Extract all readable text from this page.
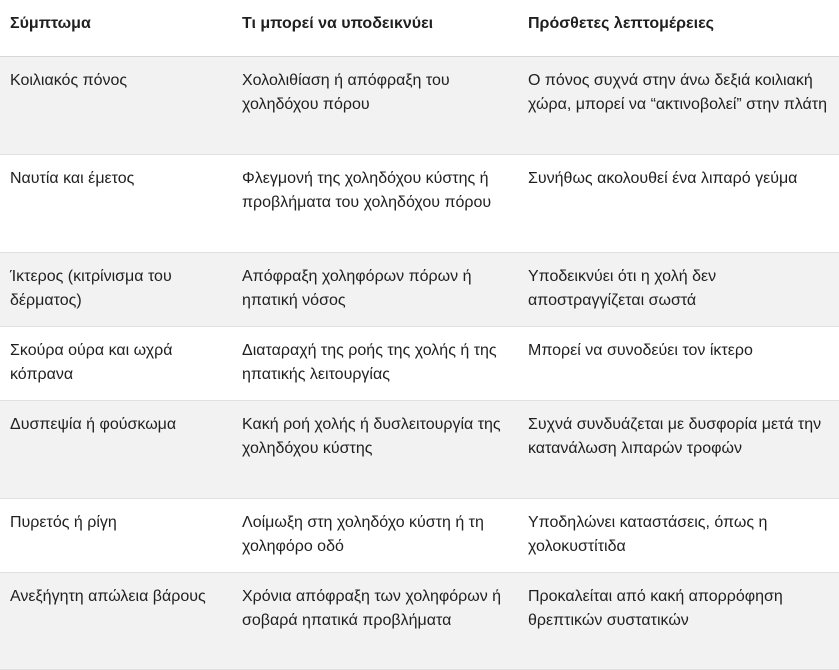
Σύμπτωμα	Τι μπορεί να υποδεικνύει	Πρόσθετες λεπτομέρειες
Κοιλιακός πόνος	Χολολιθίαση ή απόφραξη του χοληδόχου πόρου	Ο πόνος συχνά στην άνω δεξιά κοιλιακή χώρα, μπορεί να “ακτινοβολεί” στην πλάτη
Ναυτία και έμετος	Φλεγμονή της χοληδόχου κύστης ή προβλήματα του χοληδόχου πόρου	Συνήθως ακολουθεί ένα λιπαρό γεύμα
Ίκτερος (κιτρίνισμα του δέρματος)	Απόφραξη χοληφόρων πόρων ή ηπατική νόσος	Υποδεικνύει ότι η χολή δεν αποστραγγίζεται σωστά
Σκούρα ούρα και ωχρά κόπρανα	Διαταραχή της ροής της χολής ή της ηπατικής λειτουργίας	Μπορεί να συνοδεύει τον ίκτερο
Δυσπεψία ή φούσκωμα	Κακή ροή χολής ή δυσλειτουργία της χοληδόχου κύστης	Συχνά συνδυάζεται με δυσφορία μετά την κατανάλωση λιπαρών τροφών
Πυρετός ή ρίγη	Λοίμωξη στη χοληδόχο κύστη ή τη χοληφόρο οδό	Υποδηλώνει καταστάσεις, όπως η χολοκυστίτιδα
Ανεξήγητη απώλεια βάρους	Χρόνια απόφραξη των χοληφόρων ή σοβαρά ηπατικά προβλήματα	Προκαλείται από κακή απορρόφηση θρεπτικών συστατικών
